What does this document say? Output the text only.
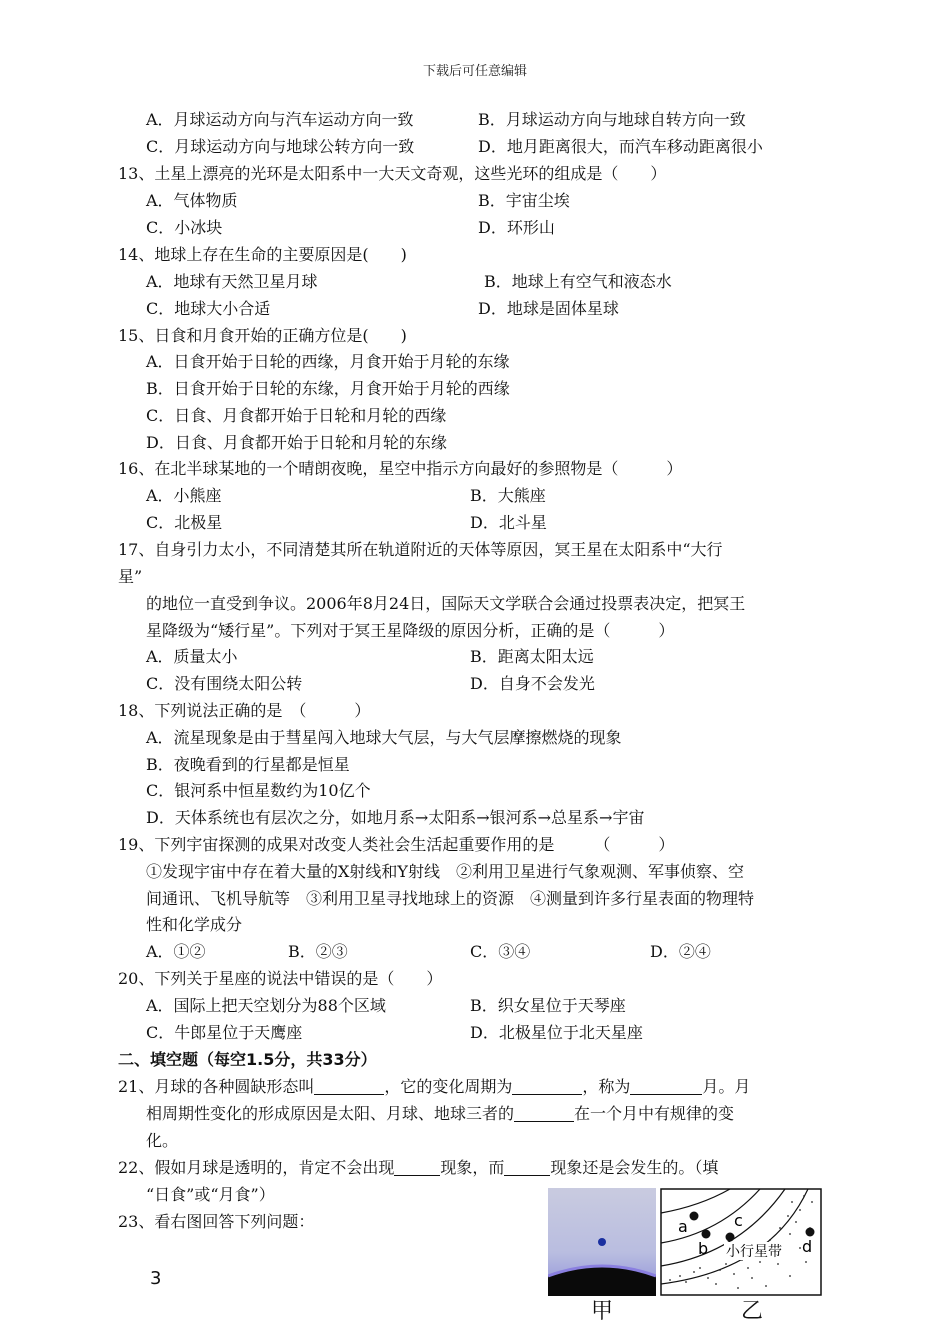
下载后可任意编辑
A．月球运动方向与汽车运动方向一致	B．月球运动方向与地球自转方向一致
C．月球运动方向与地球公转方向一致	D．地月距离很大，而汽车移动距离很小
13、土星上漂亮的光环是太阳系中一大天文奇观，这些光环的组成是（　　）
A．气体物质	B．宇宙尘埃
C．小冰块	D．环形山
14、地球上存在生命的主要原因是(　　)
A．地球有天然卫星月球	B．地球上有空气和液态水
C．地球大小合适	D．地球是固体星球
15、日食和月食开始的正确方位是(　　)
A．日食开始于日轮的西缘，月食开始于月轮的东缘
B．日食开始于日轮的东缘，月食开始于月轮的西缘
C．日食、月食都开始于日轮和月轮的西缘
D．日食、月食都开始于日轮和月轮的东缘
16、在北半球某地的一个晴朗夜晚，星空中指示方向最好的参照物是（　　　）
A．小熊座	B．大熊座
C．北极星	D．北斗星
17、自身引力太小，不同清楚其所在轨道附近的天体等原因，冥王星在太阳系中“大行
星”
的地位一直受到争议。2006年8月24日，国际天文学联合会通过投票表决定，把冥王
星降级为“矮行星”。下列对于冥王星降级的原因分析，正确的是（　　　）
A．质量太小	B．距离太阳太远
C．没有围绕太阳公转	D．自身不会发光
18、下列说法正确的是　（　　　）
A．流星现象是由于彗星闯入地球大气层，与大气层摩擦燃烧的现象
B．夜晚看到的行星都是恒星
C．银河系中恒星数约为10亿个
D．天体系统也有层次之分，如地月系→太阳系→银河系→总星系→宇宙
19、下列宇宙探测的成果对改变人类社会生活起重要作用的是　　　（　　　）
①发现宇宙中存在着大量的X射线和Y射线　②利用卫星进行气象观测、军事侦察、空
间通讯、飞机导航等　③利用卫星寻找地球上的资源　④测量到许多行星表面的物理特
性和化学成分
A．①②	B．②③	C．③④	D．②④
20、下列关于星座的说法中错误的是（　　）
A．国际上把天空划分为88个区域	B．织女星位于天琴座
C．牛郎星位于天鹰座	D．北极星位于北天星座
二、填空题（每空1.5分，共33分）
21、月球的各种圆缺形态叫	，它的变化周期为	，称为	月。月
相周期性变化的形成原因是太阳、月球、地球三者的	在一个月中有规律的变
化。
22、假如月球是透明的，肯定不会出现	现象，而	现象还是会发生的。（填
“日食”或“月食”）
23、看右图回答下列问题：	a
b
c
d
小行星带
甲	乙
3
